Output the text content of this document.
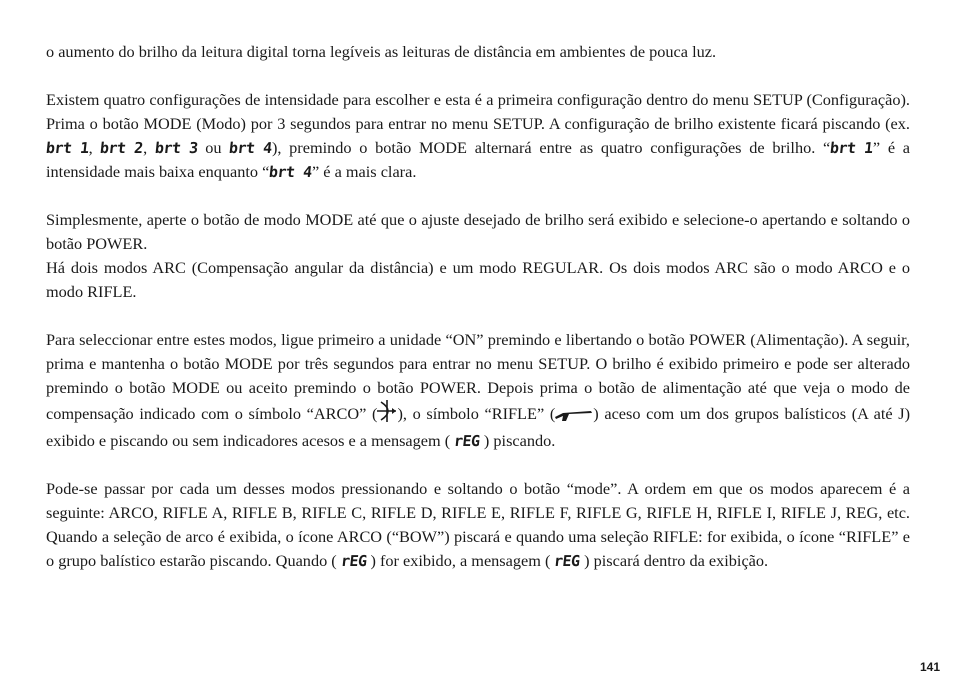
o aumento do brilho da leitura digital torna legíveis as leituras de distância em ambientes de pouca luz.

Existem quatro configurações de intensidade para escolher e esta é a primeira configuração dentro do menu SETUP (Configuração). Prima o botão MODE (Modo) por 3 segundos para entrar no menu SETUP. A configuração de brilho existente ficará piscando (ex. brt 1, brt 2, brt 3 ou brt 4), premindo o botão MODE alternará entre as quatro configurações de brilho. “brt 1” é a intensidade mais baixa enquanto “brt 4” é a mais clara.

Simplesmente, aperte o botão de modo MODE até que o ajuste desejado de brilho será exibido e selecione-o apertando e soltando o botão POWER.

Há dois modos ARC (Compensação angular da distância) e um modo REGULAR. Os dois modos ARC são o modo ARCO e o modo RIFLE.

Para seleccionar entre estes modos, ligue primeiro a unidade “ON” premindo e libertando o botão POWER (Alimentação). A seguir, prima e mantenha o botão MODE por três segundos para entrar no menu SETUP. O brilho é exibido primeiro e pode ser alterado premindo o botão MODE ou aceito premindo o botão POWER. Depois prima o botão de alimentação até que veja o modo de compensação indicado com o símbolo “ARCO” ( ), o símbolo “RIFLE” ( ) aceso com um dos grupos balísticos (A até J) exibido e piscando ou sem indicadores acesos e a mensagem ( rEG ) piscando.

Pode-se passar por cada um desses modos pressionando e soltando o botão “mode”. A ordem em que os modos aparecem é a seguinte: ARCO, RIFLE A, RIFLE B, RIFLE C, RIFLE D, RIFLE E, RIFLE F, RIFLE G, RIFLE H, RIFLE I, RIFLE J, REG, etc. Quando a seleção de arco é exibida, o ícone ARCO (“BOW”) piscará e quando uma seleção RIFLE: for exibida, o ícone “RIFLE” e o grupo balístico estarão piscando. Quando ( rEG ) for exibido, a mensagem ( rEG ) piscará dentro da exibição.

141
